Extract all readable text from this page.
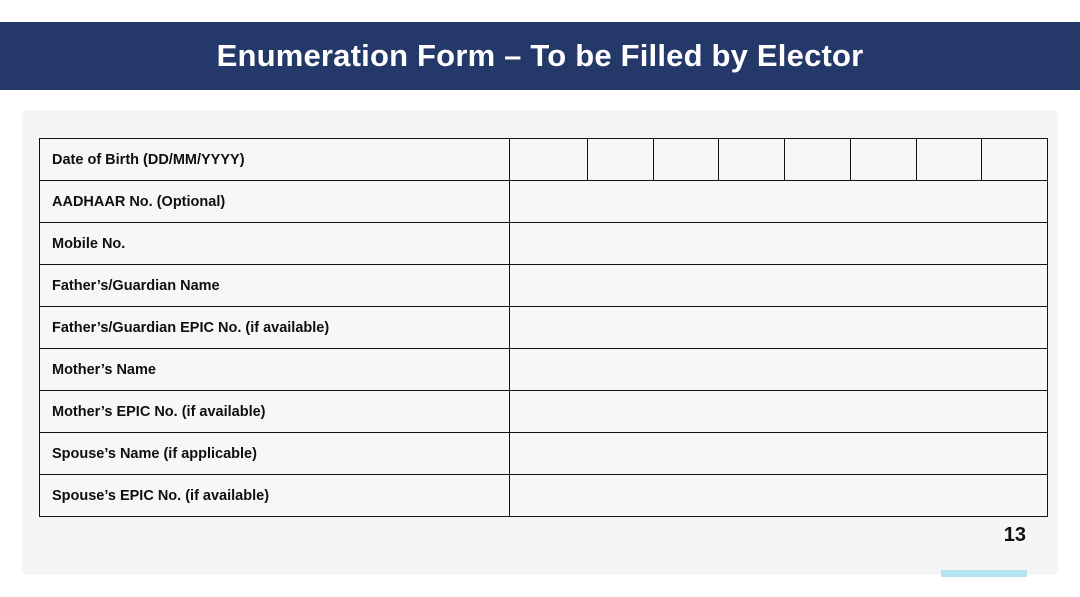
Enumeration Form – To be Filled by Elector
Date of Birth (DD/MM/YYYY)	

AADHAAR No. (Optional)	
Mobile No.	
Father’s/Guardian Name	
Father’s/Guardian EPIC No. (if available)	
Mother’s Name	
Mother’s EPIC No. (if available)	
Spouse’s Name (if applicable)	
Spouse’s EPIC No. (if available)	
13
